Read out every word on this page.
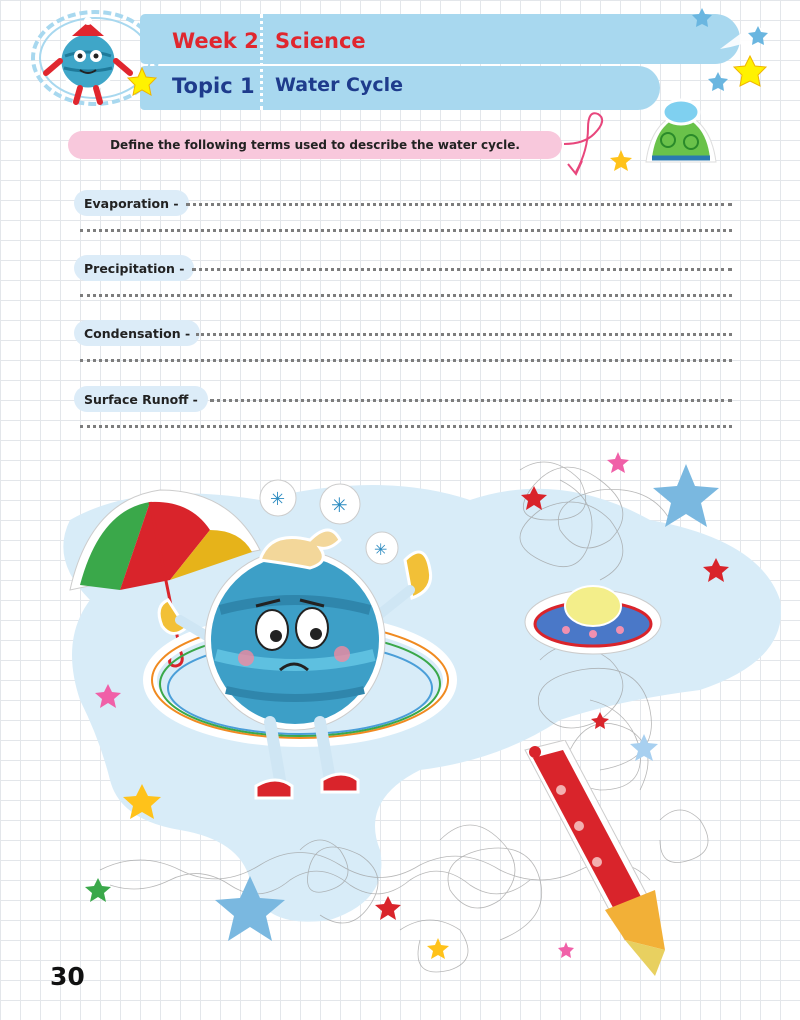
Week 2 Science
Topic 1 Water Cycle
Define the following terms used to describe the water cycle.
Evaporation -
Precipitation -
Condensation -
Surface Runoff -
✳ ✳
✳
30
